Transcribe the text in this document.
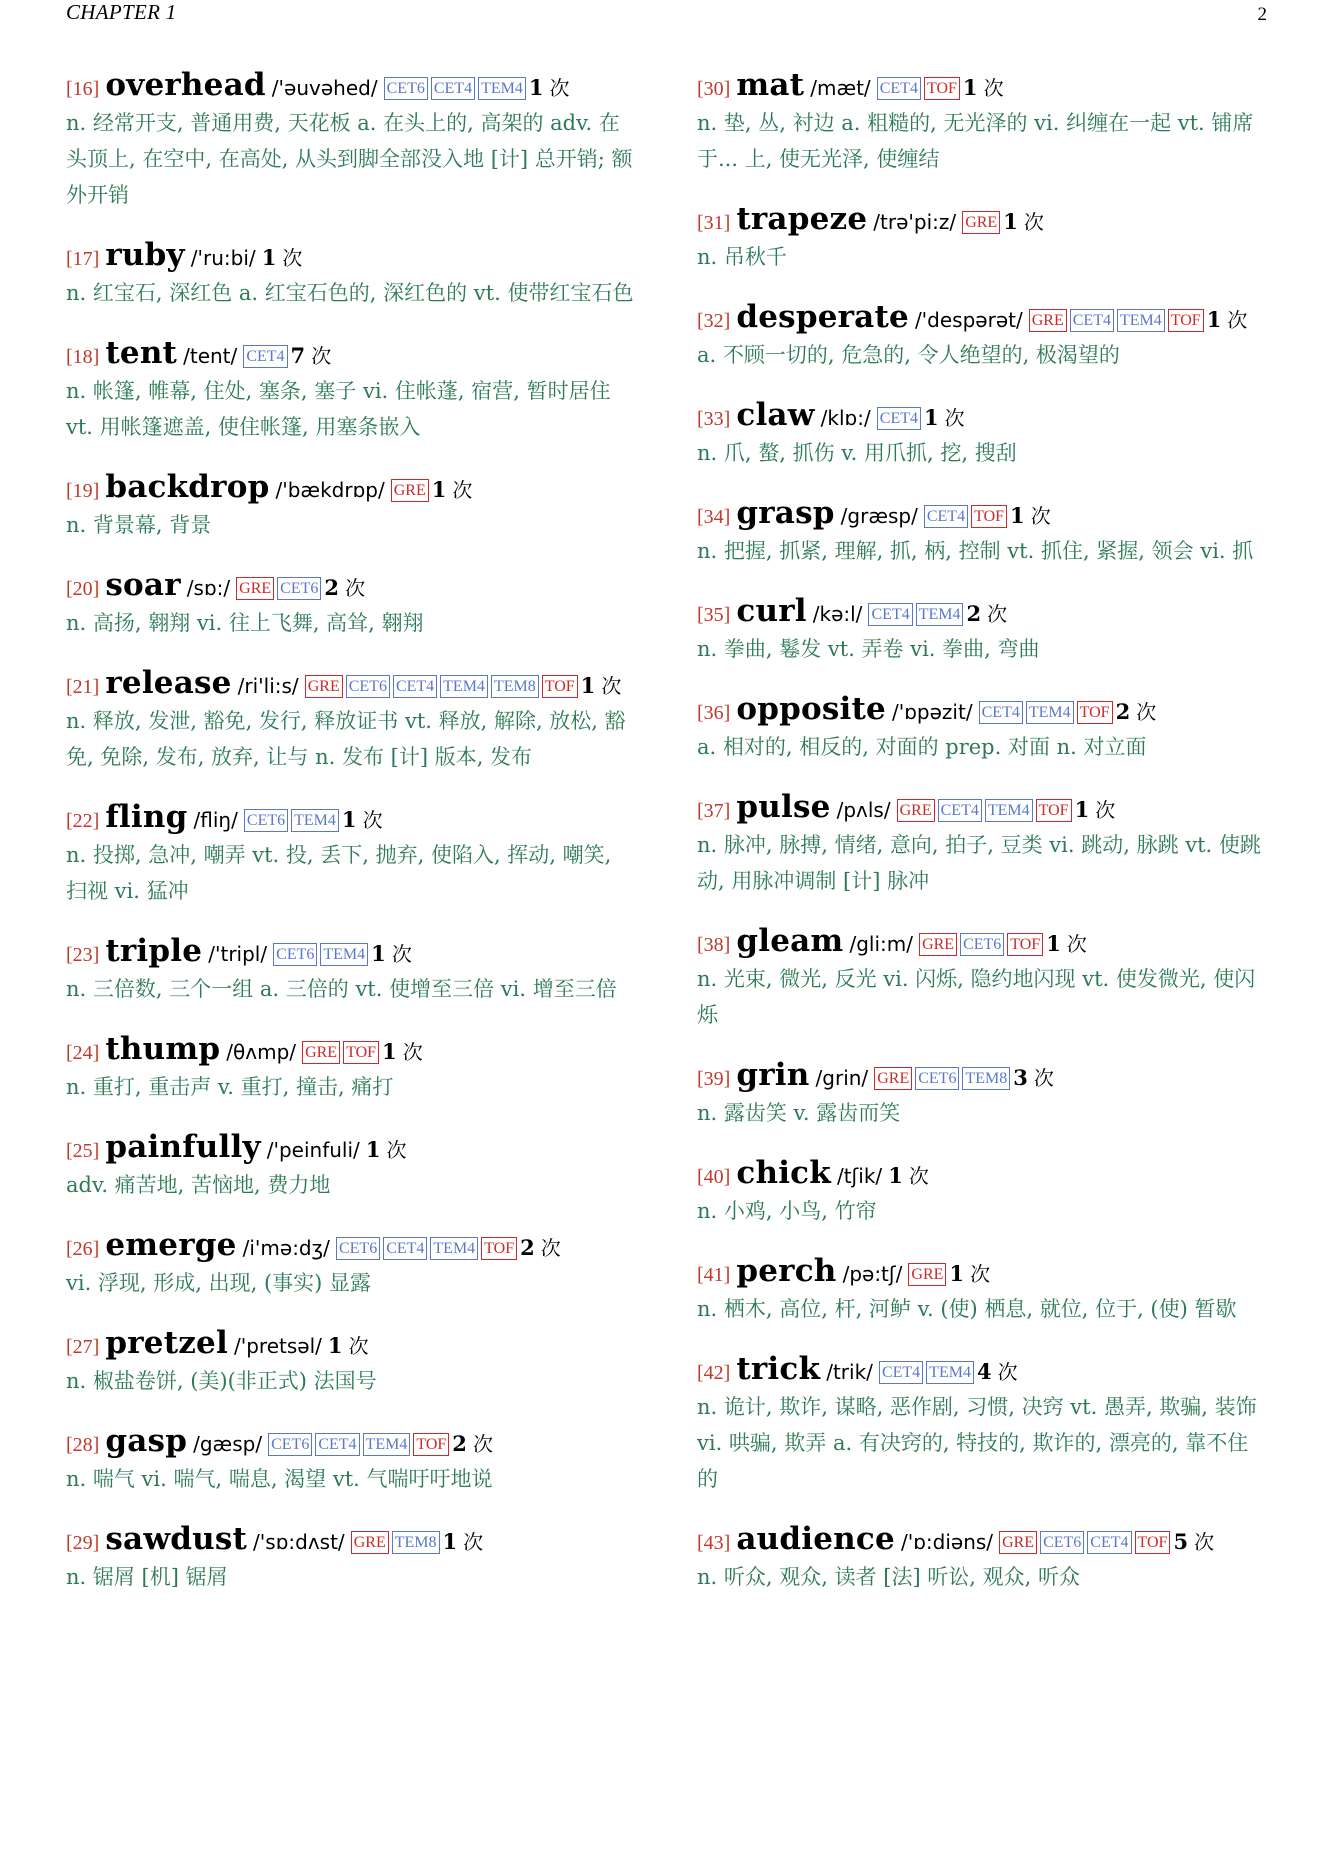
CHAPTER 1	2
[16] overhead /'əuvəhed/ CET6 CET4 TEM4 1 次
n. 经常开支, 普通用费, 天花板 a. 在头上的, 高架的 adv. 在头顶上, 在空中, 在高处, 从头到脚全部没入地 [计] 总开销; 额外开销
[17] ruby /'ru:bi/ 1 次
n. 红宝石, 深红色 a. 红宝石色的, 深红色的 vt. 使带红宝石色
[18] tent /tent/ CET4 7 次
n. 帐篷, 帷幕, 住处, 塞条, 塞子 vi. 住帐蓬, 宿营, 暂时居住 vt. 用帐篷遮盖, 使住帐篷, 用塞条嵌入
[19] backdrop /'bækdrɒp/ GRE 1 次
n. 背景幕, 背景
[20] soar /sɒ:/ GRE CET6 2 次
n. 高扬, 翱翔 vi. 往上飞舞, 高耸, 翱翔
[21] release /ri'li:s/ GRE CET6 CET4 TEM4 TEM8 TOF 1 次
n. 释放, 发泄, 豁免, 发行, 释放证书 vt. 释放, 解除, 放松, 豁免, 免除, 发布, 放弃, 让与 n. 发布 [计] 版本, 发布
[22] fling /fliŋ/ CET6 TEM4 1 次
n. 投掷, 急冲, 嘲弄 vt. 投, 丢下, 抛弃, 使陷入, 挥动, 嘲笑, 扫视 vi. 猛冲
[23] triple /'tripl/ CET6 TEM4 1 次
n. 三倍数, 三个一组 a. 三倍的 vt. 使增至三倍 vi. 增至三倍
[24] thump /θʌmp/ GRE TOF 1 次
n. 重打, 重击声 v. 重打, 撞击, 痛打
[25] painfully /'peinfuli/ 1 次
adv. 痛苦地, 苦恼地, 费力地
[26] emerge /i'mə:dʒ/ CET6 CET4 TEM4 TOF 2 次
vi. 浮现, 形成, 出现, (事实) 显露
[27] pretzel /'pretsəl/ 1 次
n. 椒盐卷饼, (美)(非正式) 法国号
[28] gasp /gæsp/ CET6 CET4 TEM4 TOF 2 次
n. 喘气 vi. 喘气, 喘息, 渴望 vt. 气喘吁吁地说
[29] sawdust /'sɒ:dʌst/ GRE TEM8 1 次
n. 锯屑 [机] 锯屑
[30] mat /mæt/ CET4 TOF 1 次
n. 垫, 丛, 衬边 a. 粗糙的, 无光泽的 vi. 纠缠在一起 vt. 铺席于... 上, 使无光泽, 使缠结
[31] trapeze /trə'pi:z/ GRE 1 次
n. 吊秋千
[32] desperate /'despərət/ GRE CET4 TEM4 TOF 1 次
a. 不顾一切的, 危急的, 令人绝望的, 极渴望的
[33] claw /klɒ:/ CET4 1 次
n. 爪, 螯, 抓伤 v. 用爪抓, 挖, 搜刮
[34] grasp /græsp/ CET4 TOF 1 次
n. 把握, 抓紧, 理解, 抓, 柄, 控制 vt. 抓住, 紧握, 领会 vi. 抓
[35] curl /kə:l/ CET4 TEM4 2 次
n. 拳曲, 鬈发 vt. 弄卷 vi. 拳曲, 弯曲
[36] opposite /'ɒpəzit/ CET4 TEM4 TOF 2 次
a. 相对的, 相反的, 对面的 prep. 对面 n. 对立面
[37] pulse /pʌls/ GRE CET4 TEM4 TOF 1 次
n. 脉冲, 脉搏, 情绪, 意向, 拍子, 豆类 vi. 跳动, 脉跳 vt. 使跳动, 用脉冲调制 [计] 脉冲
[38] gleam /gli:m/ GRE CET6 TOF 1 次
n. 光束, 微光, 反光 vi. 闪烁, 隐约地闪现 vt. 使发微光, 使闪烁
[39] grin /grin/ GRE CET6 TEM8 3 次
n. 露齿笑 v. 露齿而笑
[40] chick /tʃik/ 1 次
n. 小鸡, 小鸟, 竹帘
[41] perch /pə:tʃ/ GRE 1 次
n. 栖木, 高位, 杆, 河鲈 v. (使) 栖息, 就位, 位于, (使) 暂歇
[42] trick /trik/ CET4 TEM4 4 次
n. 诡计, 欺诈, 谋略, 恶作剧, 习惯, 决窍 vt. 愚弄, 欺骗, 装饰 vi. 哄骗, 欺弄 a. 有决窍的, 特技的, 欺诈的, 漂亮的, 靠不住的
[43] audience /'ɒ:diəns/ GRE CET6 CET4 TOF 5 次
n. 听众, 观众, 读者 [法] 听讼, 观众, 听众
